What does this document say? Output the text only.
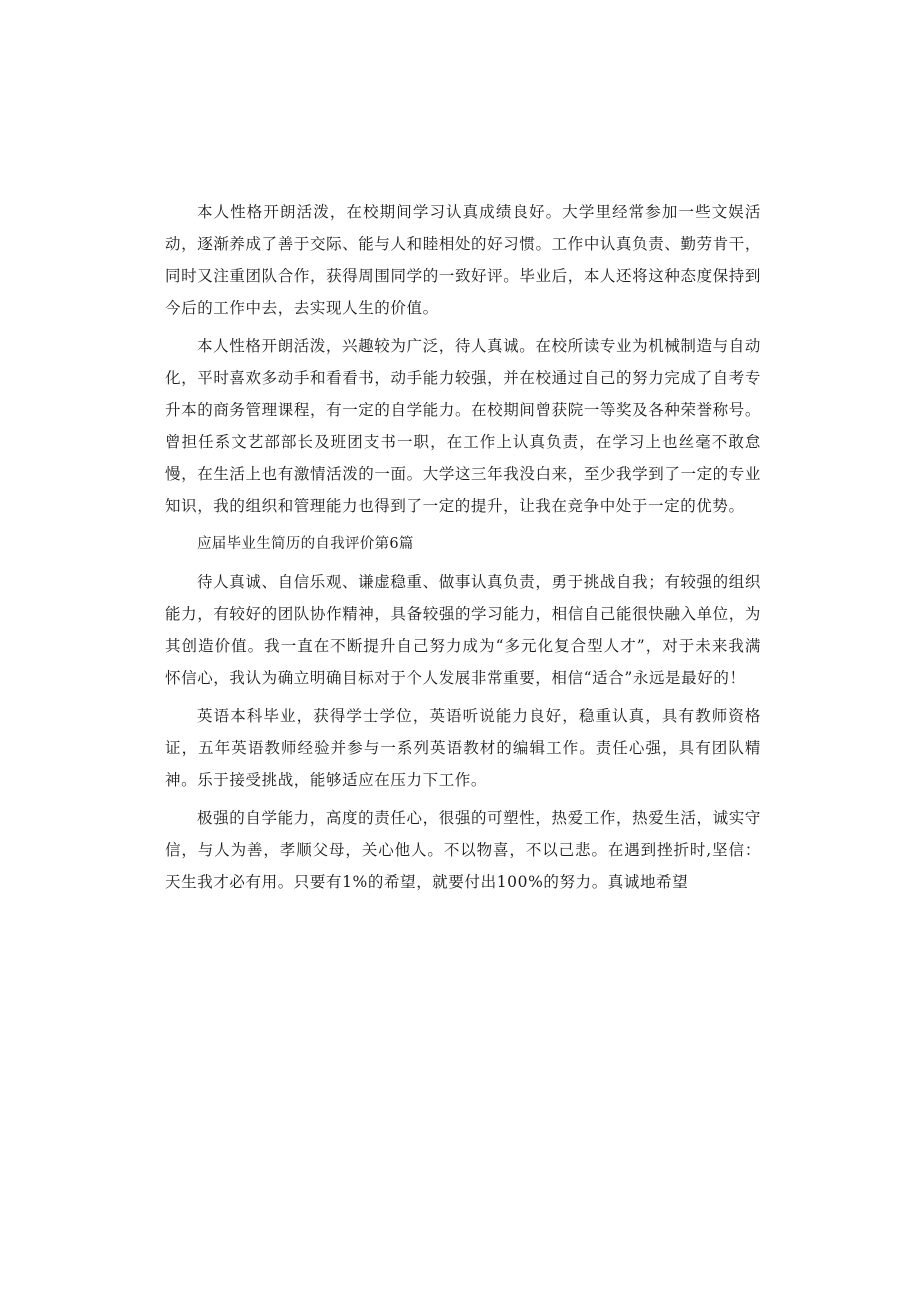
本人性格开朗活泼，在校期间学习认真成绩良好。大学里经常参加一些文娱活动，逐渐养成了善于交际、能与人和睦相处的好习惯。工作中认真负责、勤劳肯干，同时又注重团队合作，获得周围同学的一致好评。毕业后，本人还将这种态度保持到今后的工作中去，去实现人生的价值。

本人性格开朗活泼，兴趣较为广泛，待人真诚。在校所读专业为机械制造与自动化，平时喜欢多动手和看看书，动手能力较强，并在校通过自己的努力完成了自考专升本的商务管理课程，有一定的自学能力。在校期间曾获院一等奖及各种荣誉称号。曾担任系文艺部部长及班团支书一职，在工作上认真负责，在学习上也丝毫不敢怠慢，在生活上也有激情活泼的一面。大学这三年我没白来，至少我学到了一定的专业知识，我的组织和管理能力也得到了一定的提升，让我在竞争中处于一定的优势。

应届毕业生简历的自我评价第6篇

待人真诚、自信乐观、谦虚稳重、做事认真负责，勇于挑战自我；有较强的组织能力，有较好的团队协作精神，具备较强的学习能力，相信自己能很快融入单位，为其创造价值。我一直在不断提升自己努力成为“多元化复合型人才”，对于未来我满怀信心，我认为确立明确目标对于个人发展非常重要，相信“适合”永远是最好的！

英语本科毕业，获得学士学位，英语听说能力良好，稳重认真，具有教师资格证，五年英语教师经验并参与一系列英语教材的编辑工作。责任心强，具有团队精神。乐于接受挑战，能够适应在压力下工作。

极强的自学能力，高度的责任心，很强的可塑性，热爱工作，热爱生活，诚实守信，与人为善，孝顺父母，关心他人。不以物喜，不以己悲。在遇到挫折时,坚信：天生我才必有用。只要有1%的希望，就要付出100%的努力。真诚地希望
